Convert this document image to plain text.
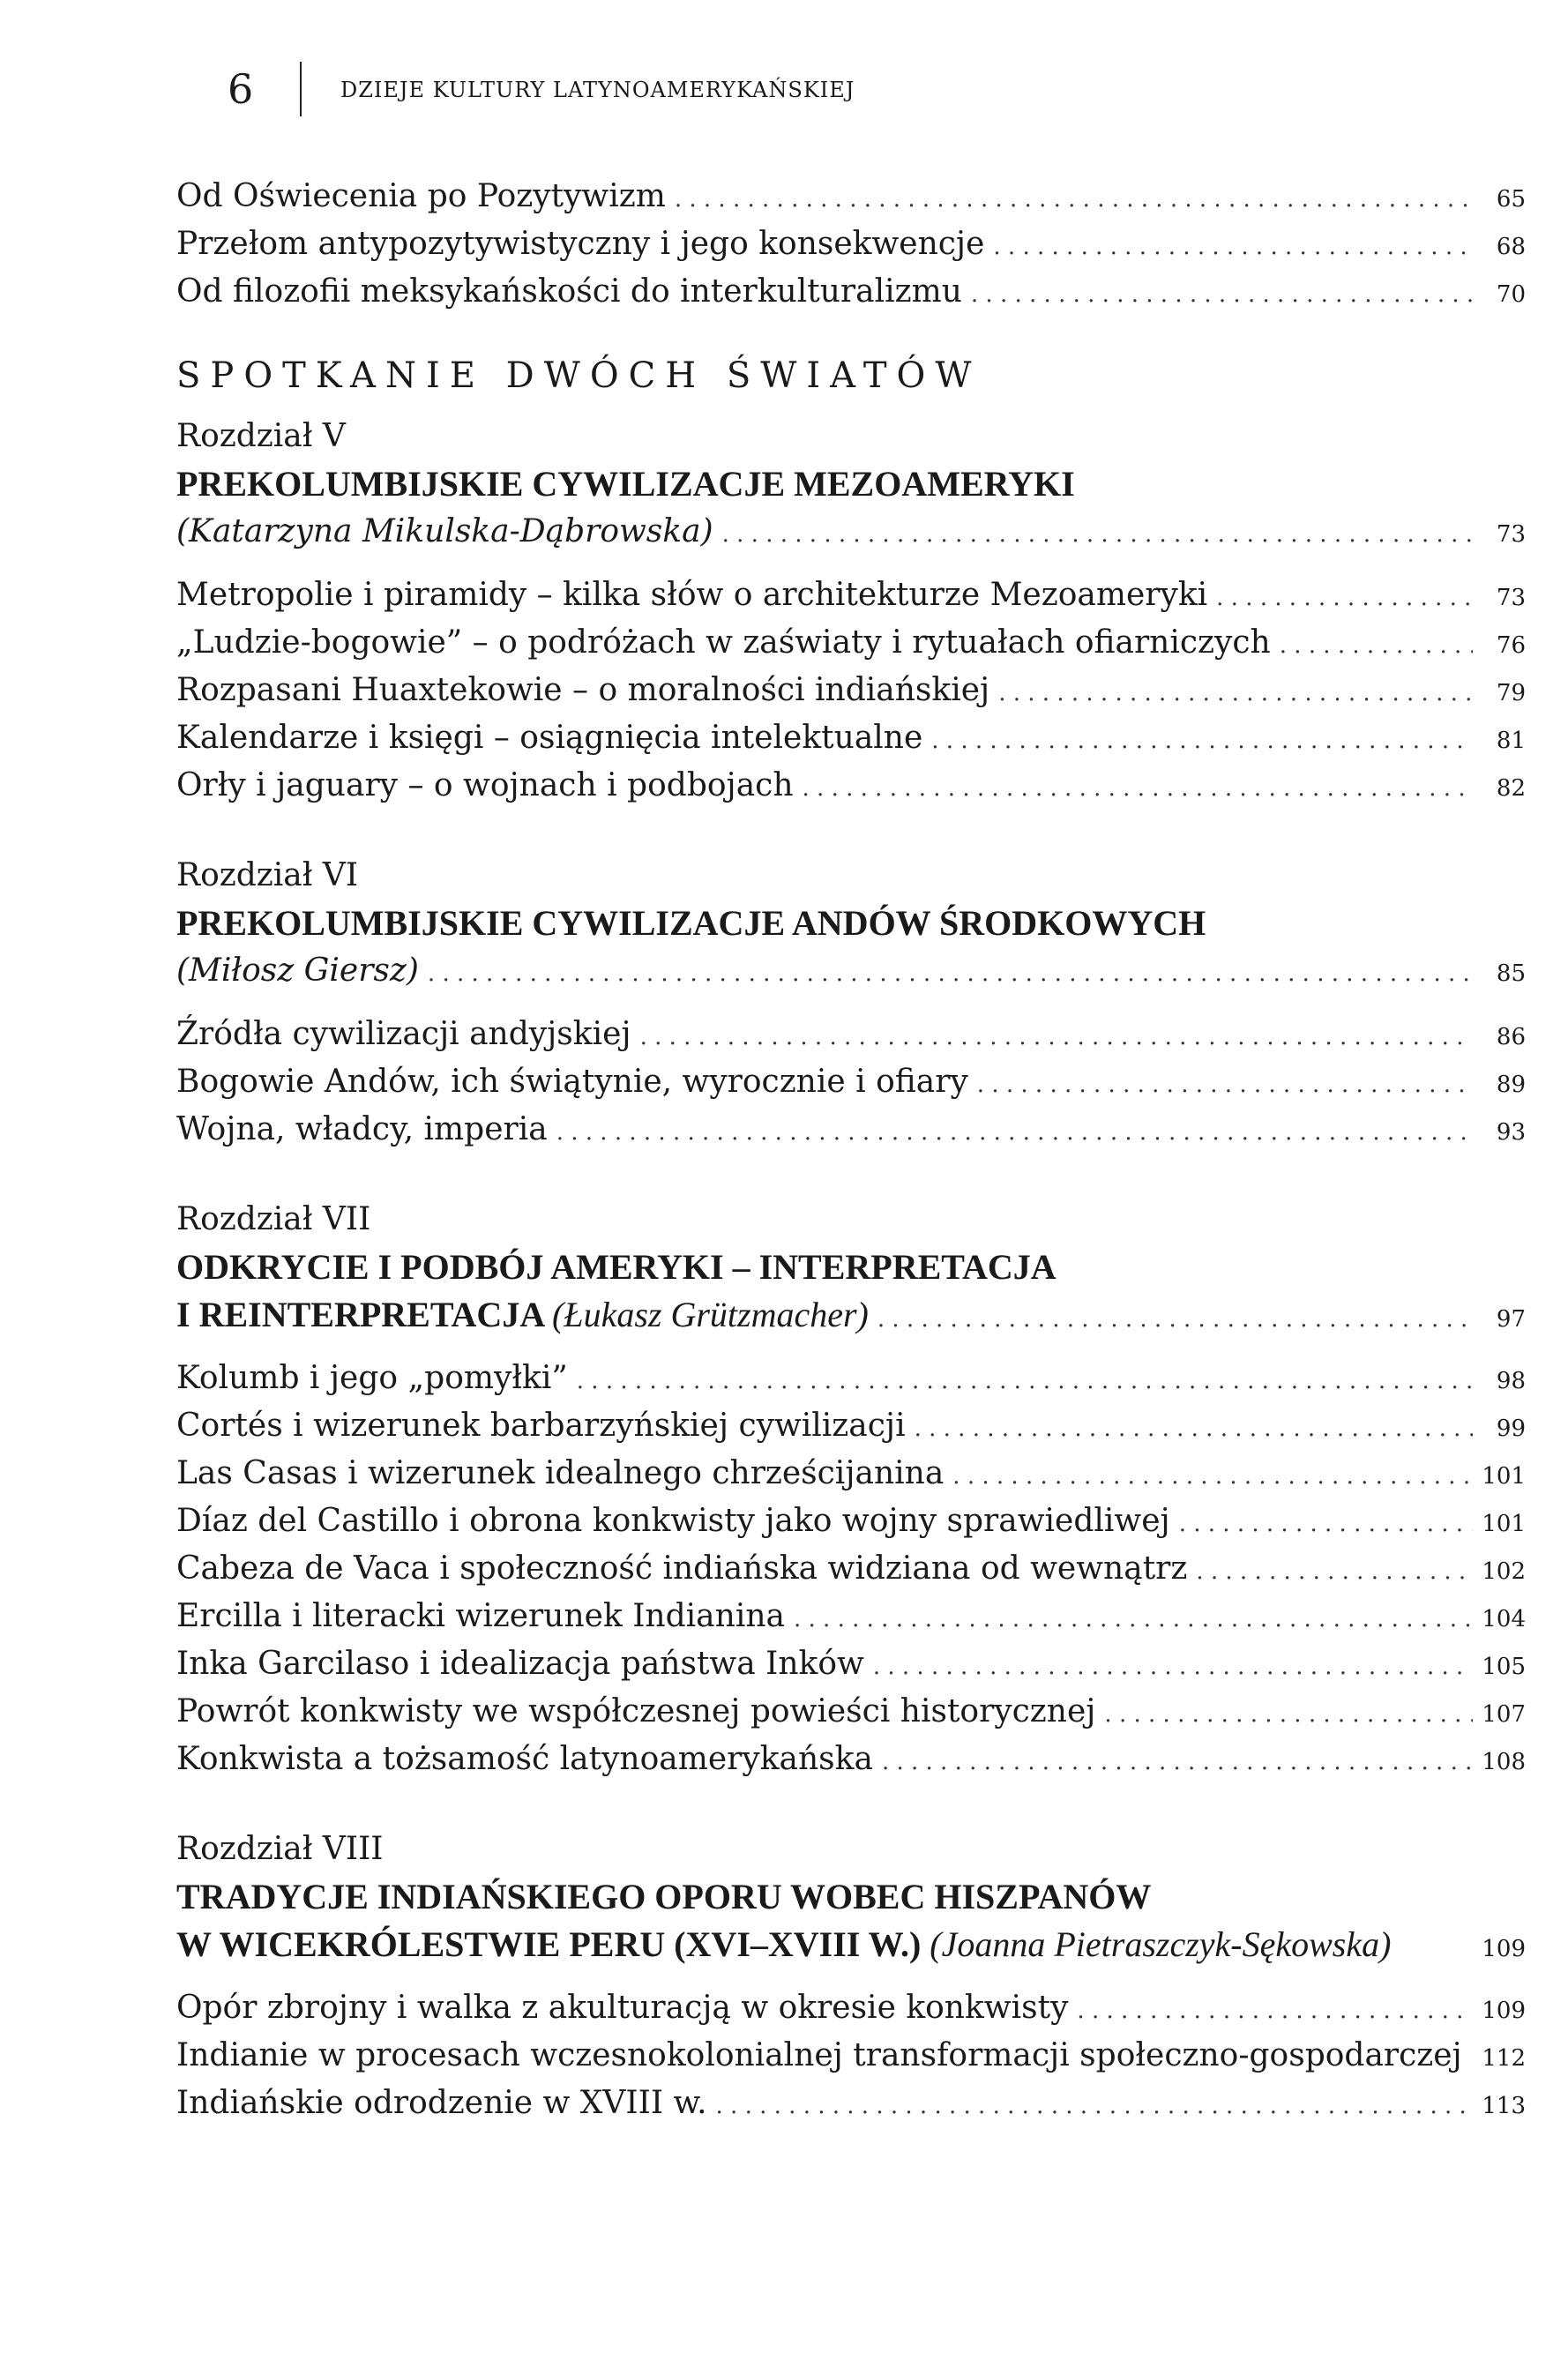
6	DZIEJE KULTURY LATYNOAMERYKAŃSKIEJ
Od Oświecenia po Pozytywizm . . .	65
Przełom antypozytywistyczny i jego konsekwencje . . .	68
Od filozofii meksykańskości do interkulturalizmu . . .	70
SPOTKANIE DWÓCH ŚWIATÓW
Rozdział V
PREKOLUMBIJSKIE CYWILIZACJE MEZOAMERYKI
(Katarzyna Mikulska-Dąbrowska) . . .	73
Metropolie i piramidy – kilka słów o architekturze Mezoameryki . . .	73
„Ludzie-bogowie” – o podróżach w zaświaty i rytuałach ofiarniczych . . .	76
Rozpasani Huaxtekowie – o moralności indiańskiej . . .	79
Kalendarze i księgi – osiągnięcia intelektualne . . .	81
Orły i jaguary – o wojnach i podbojach . . .	82
Rozdział VI
PREKOLUMBIJSKIE CYWILIZACJE ANDÓW ŚRODKOWYCH
(Miłosz Giersz) . . .	85
Źródła cywilizacji andyjskiej . . .	86
Bogowie Andów, ich świątynie, wyrocznie i ofiary . . .	89
Wojna, władcy, imperia . . .	93
Rozdział VII
ODKRYCIE I PODBÓJ AMERYKI – INTERPRETACJA
I REINTERPRETACJA (Łukasz Grützmacher) . . .	97
Kolumb i jego „pomyłki” . . .	98
Cortés i wizerunek barbarzyńskiej cywilizacji . . .	99
Las Casas i wizerunek idealnego chrześcijanina . . .	101
Díaz del Castillo i obrona konkwisty jako wojny sprawiedliwej . . .	101
Cabeza de Vaca i społeczność indiańska widziana od wewnątrz . . .	102
Ercilla i literacki wizerunek Indianina . . .	104
Inka Garcilaso i idealizacja państwa Inków . . .	105
Powrót konkwisty we współczesnej powieści historycznej . . .	107
Konkwista a tożsamość latynoamerykańska . . .	108
Rozdział VIII
TRADYCJE INDIAŃSKIEGO OPORU WOBEC HISZPANÓW
W WICEKRÓLESTWIE PERU (XVI–XVIII W.) (Joanna Pietraszczyk-Sękowska)	109
Opór zbrojny i walka z akulturacją w okresie konkwisty . . .	109
Indianie w procesach wczesnokolonialnej transformacji społeczno-gospodarczej 112
Indiańskie odrodzenie w XVIII w. . . .	113
